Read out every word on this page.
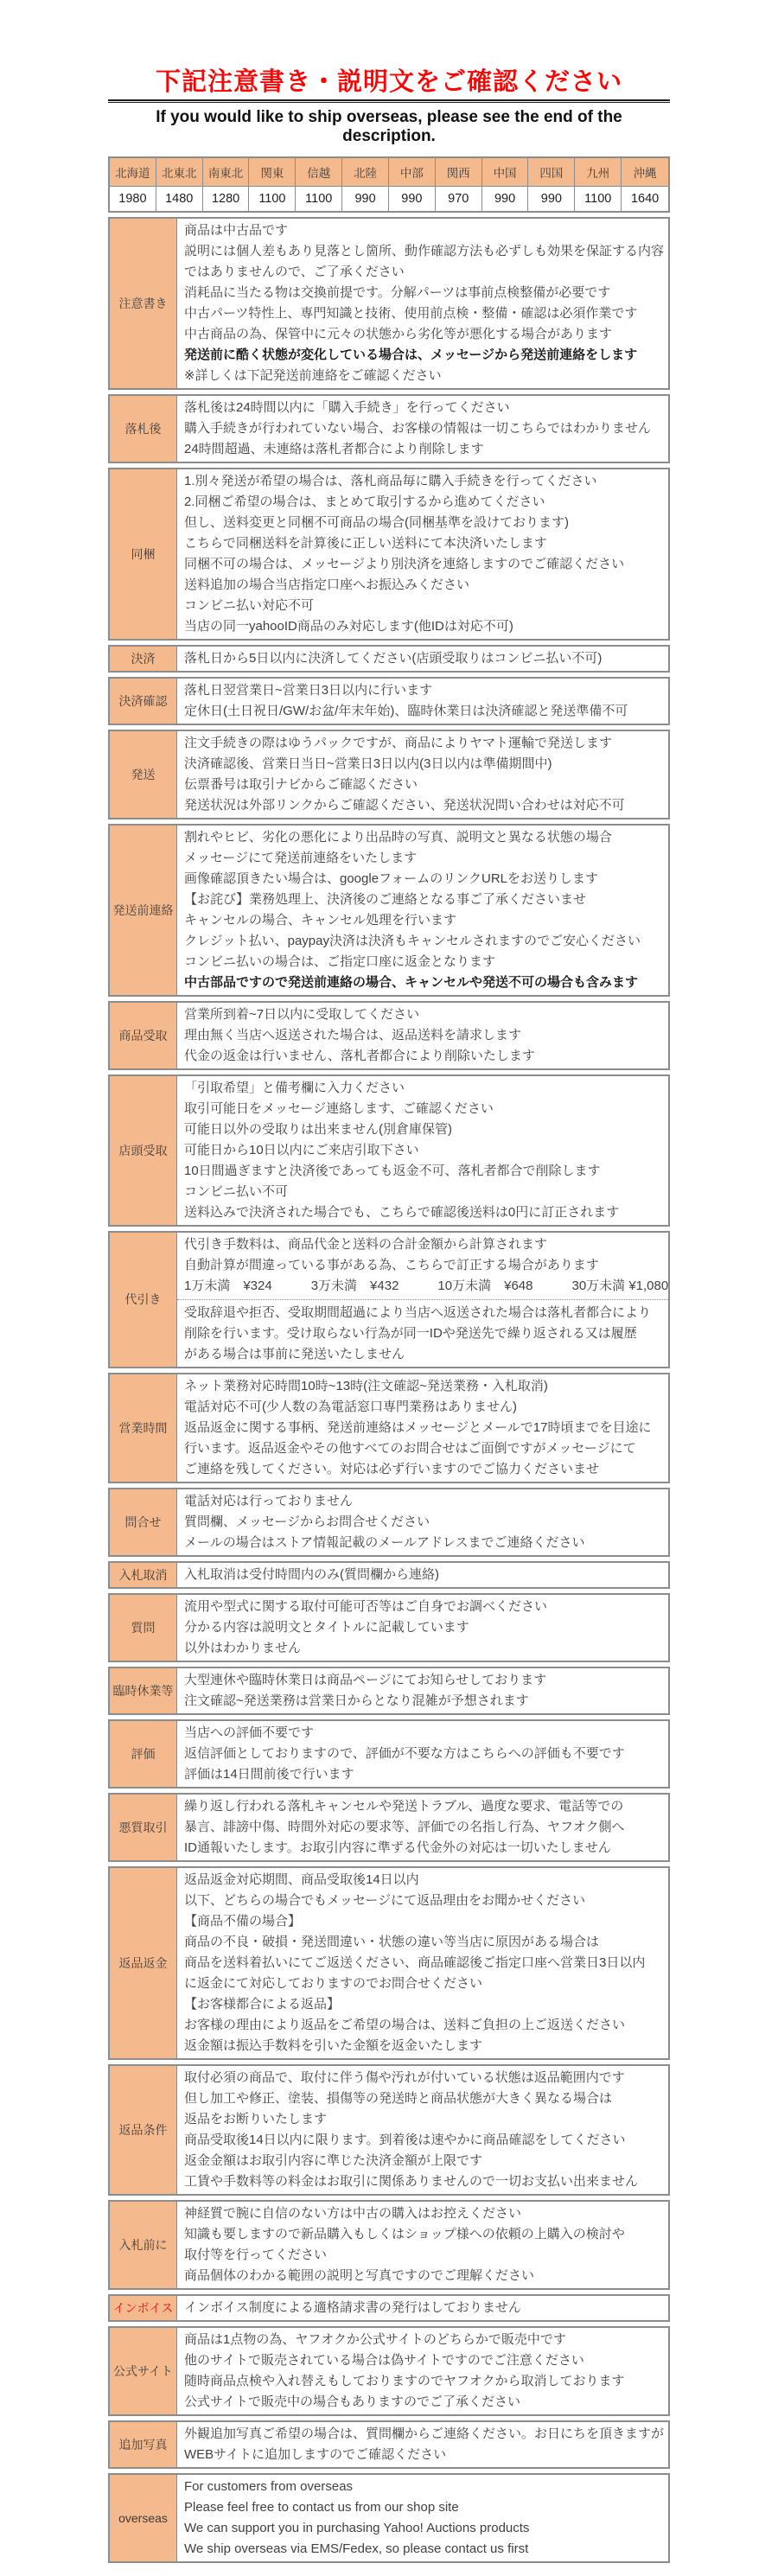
下記注意書き・説明文をご確認ください
If you would like to ship overseas, please see the end of the description.
北海道 北東北 南東北	関東	信越	北陸	中部	関西	中国	四国	九州	沖縄
1980	1480	1280	1100	1100	990	990	970	990	990	1100	1640
注意書き
商品は中古品です
説明には個人差もあり見落とし箇所、動作確認方法も必ずしも効果を保証する内容
ではありませんので、ご了承ください
消耗品に当たる物は交換前提です。分解パーツは事前点検整備が必要です
中古パーツ特性上、専門知識と技術、使用前点検・整備・確認は必須作業です
中古商品の為、保管中に元々の状態から劣化等が悪化する場合があります
発送前に酷く状態が変化している場合は、メッセージから発送前連絡をします
※詳しくは下記発送前連絡をご確認ください
落札後
落札後は24時間以内に「購入手続き」を行ってください
購入手続きが行われていない場合、お客様の情報は一切こちらではわかりません
24時間超過、未連絡は落札者都合により削除します
同梱
1.別々発送が希望の場合は、落札商品毎に購入手続きを行ってください
2.同梱ご希望の場合は、まとめて取引するから進めてください
但し、送料変更と同梱不可商品の場合(同梱基準を設けております)
こちらで同梱送料を計算後に正しい送料にて本決済いたします
同梱不可の場合は、メッセージより別決済を連絡しますのでご確認ください
送料追加の場合当店指定口座へお振込みください
コンビニ払い対応不可
当店の同一yahooID商品のみ対応します(他IDは対応不可)
決済	落札日から5日以内に決済してください(店頭受取りはコンビニ払い不可)
決済確認
落札日翌営業日~営業日3日以内に行います
定休日(土日祝日/GW/お盆/年末年始)、臨時休業日は決済確認と発送準備不可
発送
注文手続きの際はゆうパックですが、商品によりヤマト運輸で発送します
決済確認後、営業日当日~営業日3日以内(3日以内は準備期間中)
伝票番号は取引ナビからご確認ください
発送状況は外部リンクからご確認ください、発送状況問い合わせは対応不可
発送前連絡
割れやヒビ、劣化の悪化により出品時の写真、説明文と異なる状態の場合
メッセージにて発送前連絡をいたします
画像確認頂きたい場合は、googleフォームのリンクURLをお送りします
【お詫び】業務処理上、決済後のご連絡となる事ご了承くださいませ
キャンセルの場合、キャンセル処理を行います
クレジット払い、paypay決済は決済もキャンセルされますのでご安心ください
コンビニ払いの場合は、ご指定口座に返金となります
中古部品ですので発送前連絡の場合、キャンセルや発送不可の場合も含みます
商品受取
営業所到着~7日以内に受取してください
理由無く当店へ返送された場合は、返品送料を請求します
代金の返金は行いません、落札者都合により削除いたします
店頭受取
「引取希望」と備考欄に入力ください
取引可能日をメッセージ連絡します、ご確認ください
可能日以外の受取りは出来ません(別倉庫保管)
可能日から10日以内にご来店引取下さい
10日間過ぎますと決済後であっても返金不可、落札者都合で削除します
コンビニ払い不可
送料込みで決済された場合でも、こちらで確認後送料は0円に訂正されます
代引き
代引き手数料は、商品代金と送料の合計金額から計算されます
自動計算が間違っている事がある為、こちらで訂正する場合があります
1万未満　¥324　　　3万未満　¥432　　　10万未満　¥648　　　30万未満 ¥1,080
受取辞退や拒否、受取期間超過により当店へ返送された場合は落札者都合により
削除を行います。受け取らない行為が同一IDや発送先で繰り返される又は履歴
がある場合は事前に発送いたしません
営業時間
ネット業務対応時間10時~13時(注文確認~発送業務・入札取消)
電話対応不可(少人数の為電話窓口専門業務はありません)
返品返金に関する事柄、発送前連絡はメッセージとメールで17時頃までを目途に
行います。返品返金やその他すべてのお問合せはご面倒ですがメッセージにて
ご連絡を残してください。対応は必ず行いますのでご協力くださいませ
問合せ
電話対応は行っておりません
質問欄、メッセージからお問合せください
メールの場合はストア情報記載のメールアドレスまでご連絡ください
入札取消	入札取消は受付時間内のみ(質問欄から連絡)
質問
流用や型式に関する取付可能可否等はご自身でお調べください
分かる内容は説明文とタイトルに記載しています
以外はわかりません
臨時休業等
大型連休や臨時休業日は商品ページにてお知らせしております
注文確認~発送業務は営業日からとなり混雑が予想されます
評価
当店への評価不要です
返信評価としておりますので、評価が不要な方はこちらへの評価も不要です
評価は14日間前後で行います
悪質取引
繰り返し行われる落札キャンセルや発送トラブル、過度な要求、電話等での
暴言、誹謗中傷、時間外対応の要求等、評価での名指し行為、ヤフオク側へ
ID通報いたします。お取引内容に準ずる代金外の対応は一切いたしません
返品返金
返品返金対応期間、商品受取後14日以内
以下、どちらの場合でもメッセージにて返品理由をお聞かせください
【商品不備の場合】
商品の不良・破損・発送間違い・状態の違い等当店に原因がある場合は
商品を送料着払いにてご返送ください、商品確認後ご指定口座へ営業日3日以内
に返金にて対応しておりますのでお問合せください
【お客様都合による返品】
お客様の理由により返品をご希望の場合は、送料ご負担の上ご返送ください
返金額は振込手数料を引いた金額を返金いたします
返品条件
取付必須の商品で、取付に伴う傷や汚れが付いている状態は返品範囲内です
但し加工や修正、塗装、損傷等の発送時と商品状態が大きく異なる場合は
返品をお断りいたします
商品受取後14日以内に限ります。到着後は速やかに商品確認をしてください
返金金額はお取引内容に準じた決済金額が上限です
工賃や手数料等の料金はお取引に関係ありませんので一切お支払い出来ません
入札前に
神経質で腕に自信のない方は中古の購入はお控えください
知識も要しますので新品購入もしくはショップ様への依頼の上購入の検討や
取付等を行ってください
商品個体のわかる範囲の説明と写真ですのでご理解ください
インボイス インボイス制度による適格請求書の発行はしておりません
公式サイト
商品は1点物の為、ヤフオクか公式サイトのどちらかで販売中です
他のサイトで販売されている場合は偽サイトですのでご注意ください
随時商品点検や入れ替えもしておりますのでヤフオクから取消しております
公式サイトで販売中の場合もありますのでご了承ください
追加写真
外観追加写真ご希望の場合は、質問欄からご連絡ください。お日にちを頂きますが
WEBサイトに追加しますのでご確認ください
overseas
For customers from overseas
Please feel free to contact us from our shop site
We can support you in purchasing Yahoo! Auctions products
We ship overseas via EMS/Fedex, so please contact us first
